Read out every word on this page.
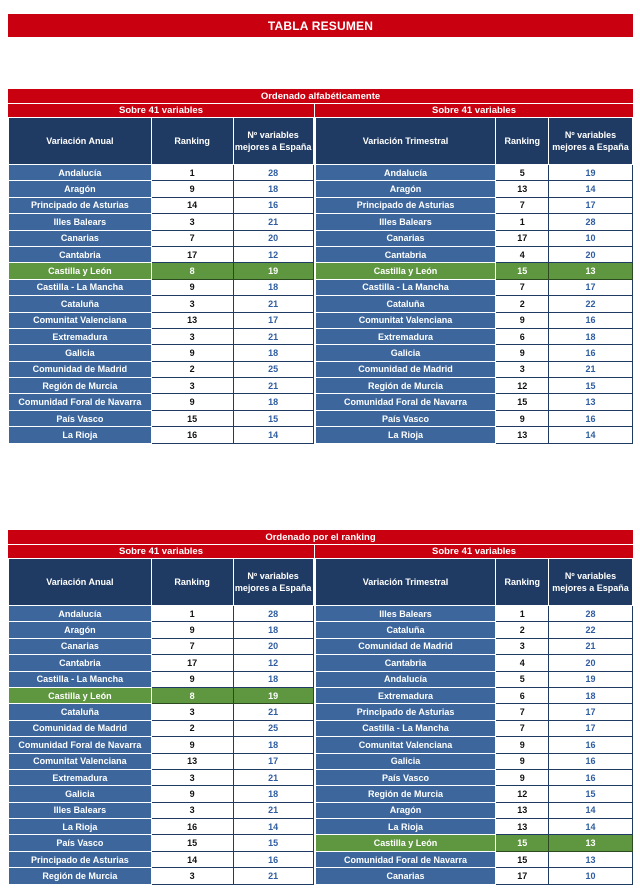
TABLA RESUMEN
Ordenado alfabéticamente
Sobre 41 variables	Sobre 41 variables
Variación Anual	Ranking	Nº variables mejores a España
Andalucía	1	28
Aragón	9	18
Principado de Asturias	14	16
Illes Balears	3	21
Canarias	7	20
Cantabria	17	12
Castilla y León	8	19
Castilla - La Mancha	9	18
Cataluña	3	21
Comunitat Valenciana	13	17
Extremadura	3	21
Galicia	9	18
Comunidad de Madrid	2	25
Región de Murcia	3	21
Comunidad Foral de Navarra	9	18
País Vasco	15	15
La Rioja	16	14
Variación Trimestral	Ranking	Nº variables mejores a España
Andalucía	5	19
Aragón	13	14
Principado de Asturias	7	17
Illes Balears	1	28
Canarias	17	10
Cantabria	4	20
Castilla y León	15	13
Castilla - La Mancha	7	17
Cataluña	2	22
Comunitat Valenciana	9	16
Extremadura	6	18
Galicia	9	16
Comunidad de Madrid	3	21
Región de Murcia	12	15
Comunidad Foral de Navarra	15	13
País Vasco	9	16
La Rioja	13	14
Ordenado por el ranking
Sobre 41 variables	Sobre 41 variables
Variación Anual	Ranking	Nº variables mejores a España
Andalucía	1	28
Aragón	9	18
Canarias	7	20
Cantabria	17	12
Castilla - La Mancha	9	18
Castilla y León	8	19
Cataluña	3	21
Comunidad de Madrid	2	25
Comunidad Foral de Navarra	9	18
Comunitat Valenciana	13	17
Extremadura	3	21
Galicia	9	18
Illes Balears	3	21
La Rioja	16	14
País Vasco	15	15
Principado de Asturias	14	16
Región de Murcia	3	21
Variación Trimestral	Ranking	Nº variables mejores a España
Illes Balears	1	28
Cataluña	2	22
Comunidad de Madrid	3	21
Cantabria	4	20
Andalucía	5	19
Extremadura	6	18
Principado de Asturias	7	17
Castilla - La Mancha	7	17
Comunitat Valenciana	9	16
Galicia	9	16
País Vasco	9	16
Región de Murcia	12	15
Aragón	13	14
La Rioja	13	14
Castilla y León	15	13
Comunidad Foral de Navarra	15	13
Canarias	17	10
